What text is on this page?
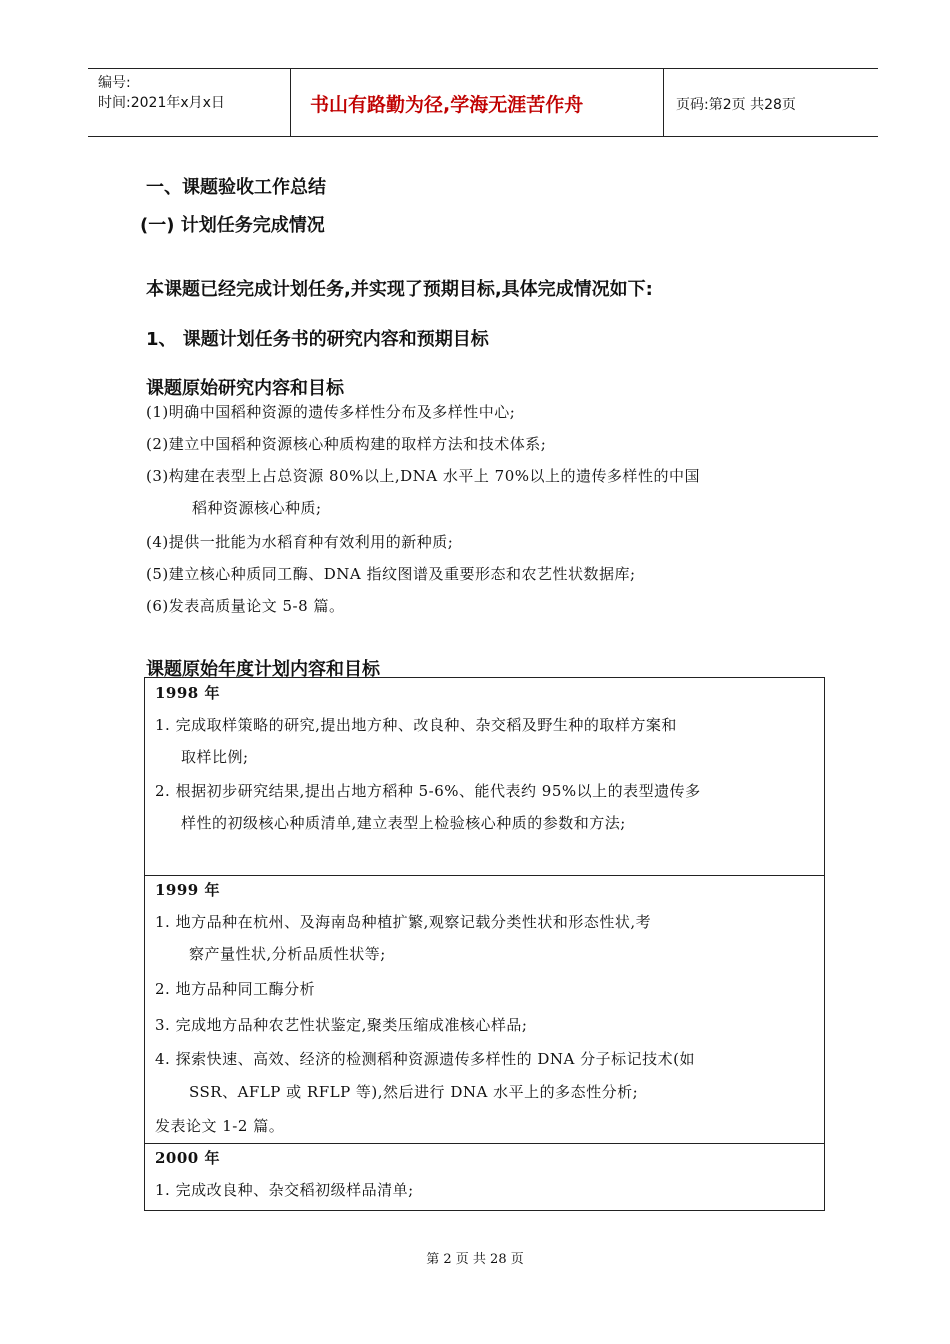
编号:
时间:2021年x月x日	书山有路勤为径,学海无涯苦作舟	页码:第2页 共28页
一、课题验收工作总结
(一) 计划任务完成情况
本课题已经完成计划任务,并实现了预期目标,具体完成情况如下:
1、 课题计划任务书的研究内容和预期目标
课题原始研究内容和目标
(1)明确中国稻种资源的遗传多样性分布及多样性中心;
(2)建立中国稻种资源核心种质构建的取样方法和技术体系;
(3)构建在表型上占总资源 80%以上,DNA 水平上 70%以上的遗传多样性的中国
稻种资源核心种质;
(4)提供一批能为水稻育种有效利用的新种质;
(5)建立核心种质同工酶、DNA 指纹图谱及重要形态和农艺性状数据库;
(6)发表高质量论文 5-8 篇。
课题原始年度计划内容和目标
1998 年
1. 完成取样策略的研究,提出地方种、改良种、杂交稻及野生种的取样方案和
取样比例;
2. 根据初步研究结果,提出占地方稻种 5-6%、能代表约 95%以上的表型遗传多
样性的初级核心种质清单,建立表型上检验核心种质的参数和方法;
1999 年
1. 地方品种在杭州、及海南岛种植扩繁,观察记载分类性状和形态性状,考
察产量性状,分析品质性状等;
2. 地方品种同工酶分析
3. 完成地方品种农艺性状鉴定,聚类压缩成准核心样品;
4. 探索快速、高效、经济的检测稻种资源遗传多样性的 DNA 分子标记技术(如
SSR、AFLP 或 RFLP 等),然后进行 DNA 水平上的多态性分析;
发表论文 1-2 篇。
2000 年
1. 完成改良种、杂交稻初级样品清单;
第 2 页 共 28 页
